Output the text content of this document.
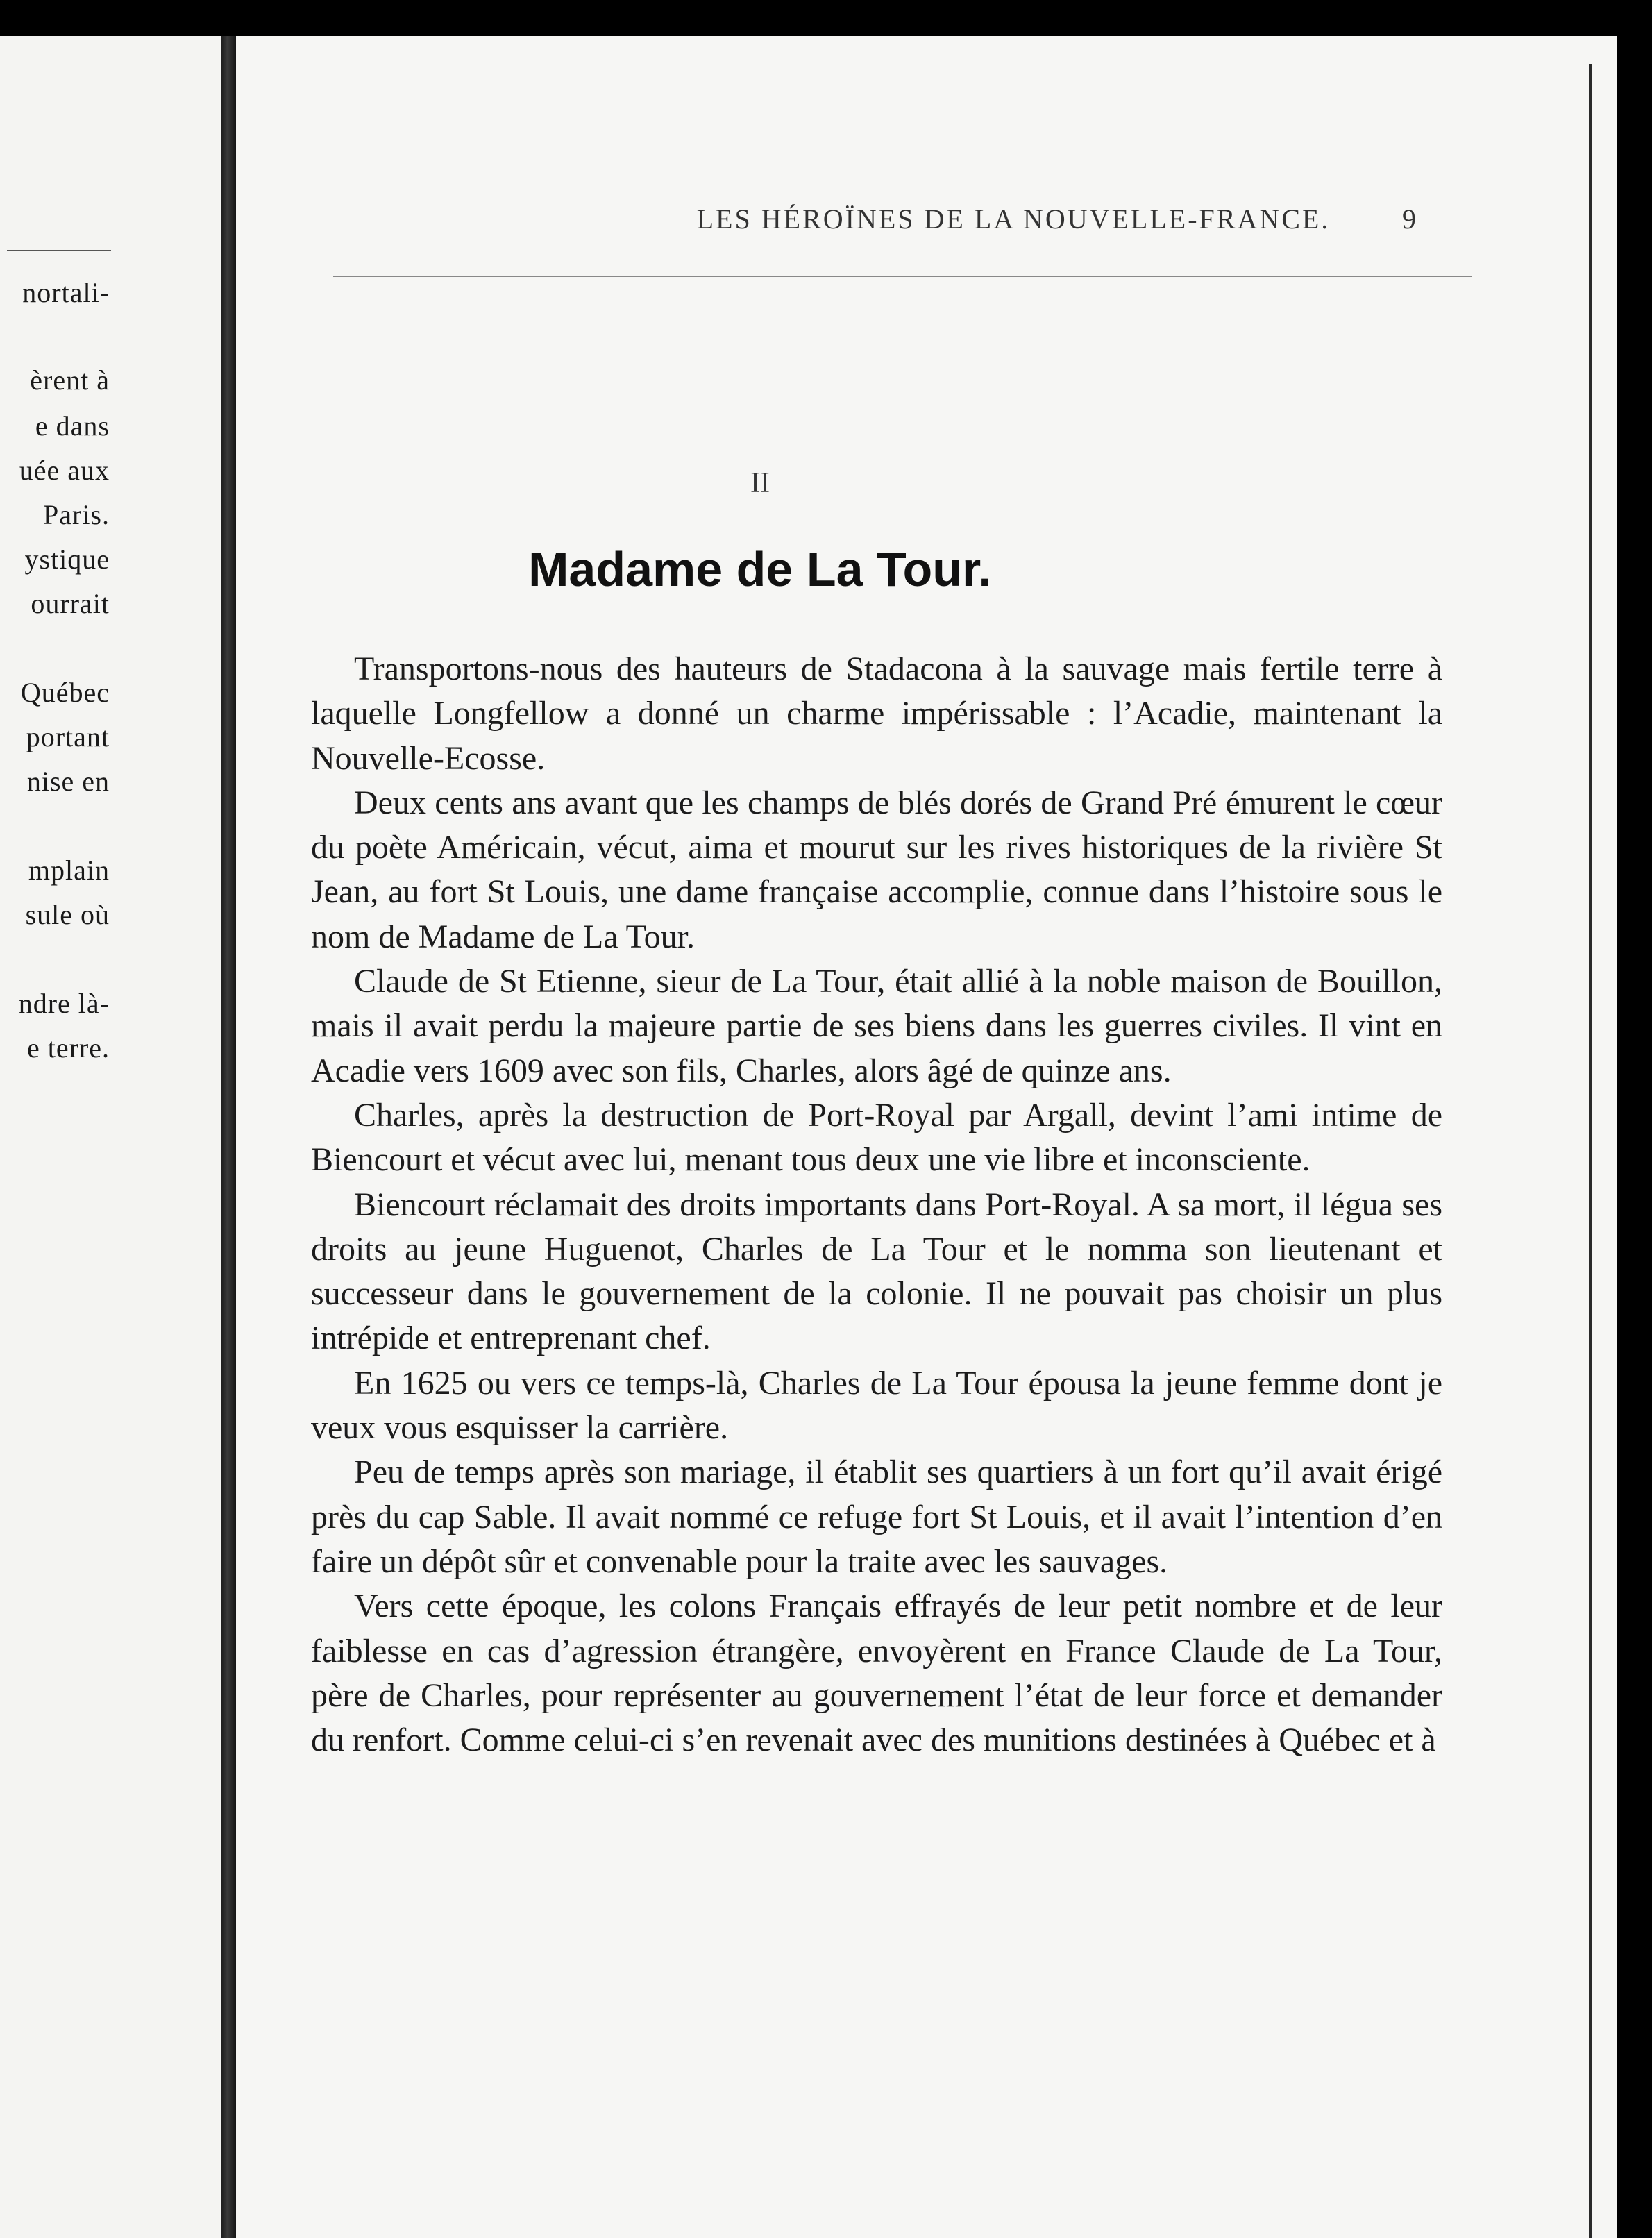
nortali-
èrent à
e dans
uée aux
Paris.
ystique
ourrait
Québec
portant
nise en
mplain
sule où
ndre là-
e terre.
LES HÉROÏNES DE LA NOUVELLE-FRANCE.	9
II
Madame de La Tour.

Transportons-nous des hauteurs de Stadacona à la sauvage mais fertile terre à laquelle Longfellow a donné un charme impérissable : l’Acadie, maintenant la Nouvelle-Ecosse.

Deux cents ans avant que les champs de blés dorés de Grand Pré émurent le cœur du poète Américain, vécut, aima et mourut sur les rives historiques de la rivière St Jean, au fort St Louis, une dame française accomplie, connue dans l’histoire sous le nom de Madame de La Tour.

Claude de St Etienne, sieur de La Tour, était allié à la noble maison de Bouillon, mais il avait perdu la majeure partie de ses biens dans les guerres civiles. Il vint en Acadie vers 1609 avec son fils, Charles, alors âgé de quinze ans.

Charles, après la destruction de Port-Royal par Argall, devint l’ami intime de Biencourt et vécut avec lui, menant tous deux une vie libre et inconsciente.

Biencourt réclamait des droits importants dans Port-Royal. A sa mort, il légua ses droits au jeune Huguenot, Charles de La Tour et le nomma son lieutenant et successeur dans le gouvernement de la colonie. Il ne pouvait pas choisir un plus intrépide et entreprenant chef.

En 1625 ou vers ce temps-là, Charles de La Tour épousa la jeune femme dont je veux vous esquisser la carrière.

Peu de temps après son mariage, il établit ses quartiers à un fort qu’il avait érigé près du cap Sable. Il avait nommé ce refuge fort St Louis, et il avait l’intention d’en faire un dépôt sûr et convenable pour la traite avec les sauvages.

Vers cette époque, les colons Français effrayés de leur petit nombre et de leur faiblesse en cas d’agression étrangère, envoyèrent en France Claude de La Tour, père de Charles, pour représenter au gouvernement l’état de leur force et demander du renfort. Comme celui-ci s’en revenait avec des munitions destinées à Québec et à
